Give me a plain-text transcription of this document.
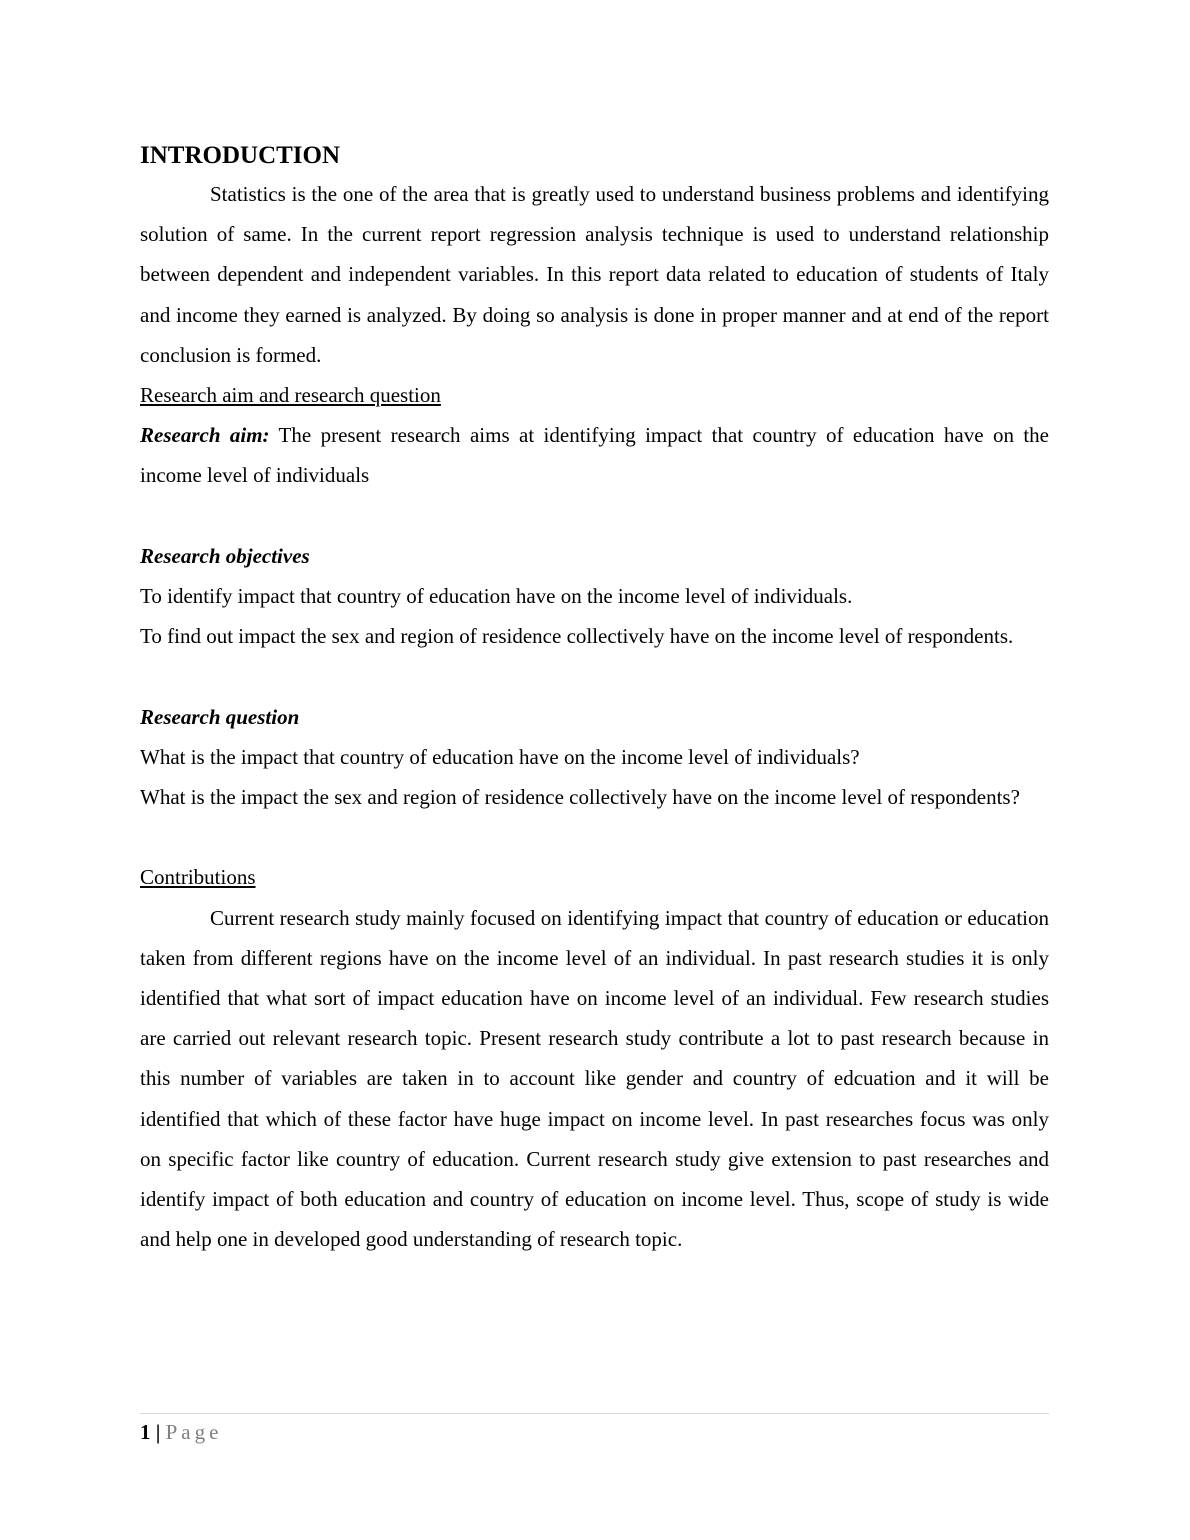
INTRODUCTION

Statistics is the one of the area that is greatly used to understand business problems and identifying solution of same. In the current report regression analysis technique is used to understand relationship between dependent and independent variables. In this report data related to education of students of Italy and income they earned is analyzed. By doing so analysis is done in proper manner and at end of the report conclusion is formed.

Research aim and research question

Research aim: The present research aims at identifying impact that country of education have on the income level of individuals

Research objectives

To identify impact that country of education have on the income level of individuals.

To find out impact the sex and region of residence collectively have on the income level of respondents.

Research question

What is the impact that country of education have on the income level of individuals?

What is the impact the sex and region of residence collectively have on the income level of respondents?

Contributions

Current research study mainly focused on identifying impact that country of education or education taken from different regions have on the income level of an individual. In past research studies it is only identified that what sort of impact education have on income level of an individual. Few research studies are carried out relevant research topic. Present research study contribute a lot to past research because in this number of variables are taken in to account like gender and country of edcuation and it will be identified that which of these factor have huge impact on income level. In past researches focus was only on specific factor like country of education. Current research study give extension to past researches and identify impact of both education and country of education on income level. Thus, scope of study is wide and help one in developed good understanding of research topic.

1 | Page
